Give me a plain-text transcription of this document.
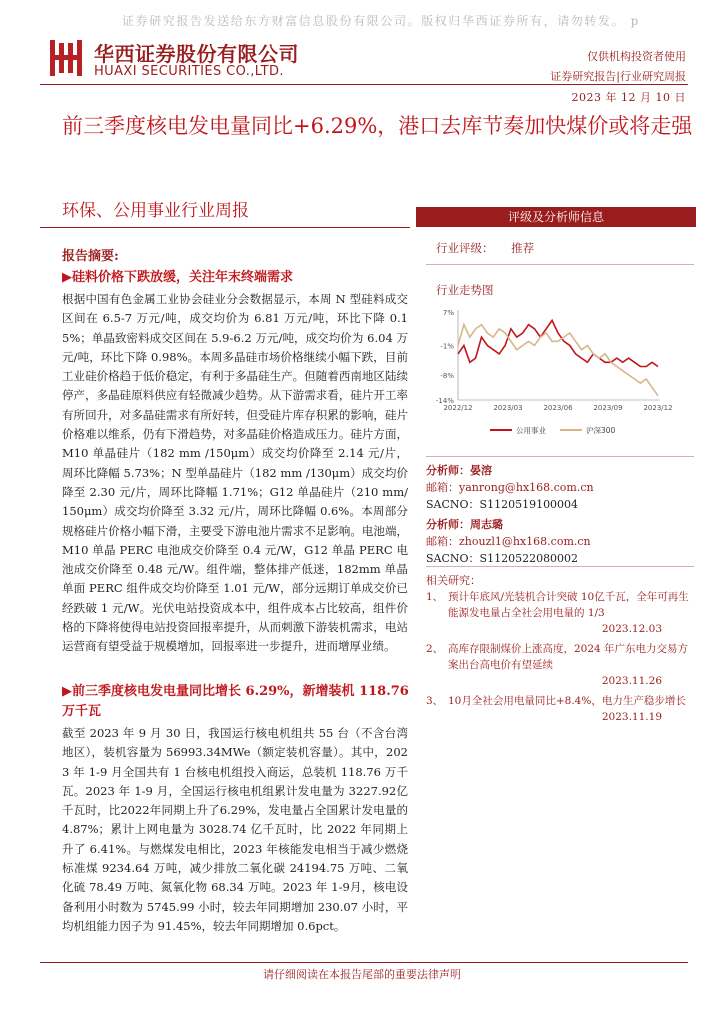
证券研究报告发送给东方财富信息股份有限公司。版权归华西证券所有，请勿转发。 p
华西证券股份有限公司
HUAXI SECURITIES CO.,LTD.
仅供机构投资者使用
证券研究报告|行业研究周报
2023 年 12 月 10 日
前三季度核电发电量同比+6.29%，港口去库节奏加快煤价或将走强
环保、公用事业行业周报
报告摘要:
▶硅料价格下跌放缓，关注年末终端需求
根据中国有色金属工业协会硅业分会数据显示，本周 N 型硅料成交区间在 6.5-7 万元/吨，成交均价为 6.81 万元/吨，环比下降 0.15%；单晶致密料成交区间在 5.9-6.2 万元/吨，成交均价为 6.04 万元/吨，环比下降 0.98%。本周多晶硅市场价格继续小幅下跌，目前工业硅价格趋于低价稳定，有利于多晶硅生产。但随着西南地区陆续停产，多晶硅原料供应有轻微减少趋势。从下游需求看，硅片开工率有所回升，对多晶硅需求有所好转，但受硅片库存积累的影响，硅片价格难以维系，仍有下滑趋势，对多晶硅价格造成压力。硅片方面，M10 单晶硅片（182 mm /150μm）成交均价降至 2.14 元/片，周环比降幅 5.73%；N 型单晶硅片（182 mm /130μm）成交均价降至 2.30 元/片，周环比降幅 1.71%；G12 单晶硅片（210 mm/150μm）成交均价降至 3.32 元/片，周环比降幅 0.6%。本周部分规格硅片价格小幅下滑，主要受下游电池片需求不足影响。电池端，M10 单晶 PERC 电池成交价降至 0.4 元/W，G12 单晶 PERC 电池成交价降至 0.48 元/W。组件端，整体排产低迷，182mm 单晶单面 PERC 组件成交均价降至 1.01 元/W，部分远期订单成交价已经跌破 1 元/W。光伏电站投资成本中，组件成本占比较高，组件价格的下降将使得电站投资回报率提升，从而刺激下游装机需求，电站运营商有望受益于规模增加，回报率进一步提升，进而增厚业绩。
▶前三季度核电发电量同比增长 6.29%，新增装机 118.76 万千瓦
截至 2023 年 9 月 30 日，我国运行核电机组共 55 台（不含台湾地区），装机容量为 56993.34MWe（额定装机容量）。其中，2023 年 1-9 月全国共有 1 台核电机组投入商运，总装机 118.76 万千瓦。2023 年 1-9 月，全国运行核电机组累计发电量为 3227.92亿千瓦时，比2022年同期上升了6.29%，发电量占全国累计发电量的 4.87%；累计上网电量为 3028.74 亿千瓦时，比 2022 年同期上升了 6.41%。与燃煤发电相比，2023 年核能发电相当于减少燃烧标准煤 9234.64 万吨，减少排放二氧化碳 24194.75 万吨、二氧化硫 78.49 万吨、氮氧化物 68.34 万吨。2023 年 1-9月，核电设备利用小时数为 5745.99 小时，较去年同期增加 230.07 小时，平均机组能力因子为 91.45%，较去年同期增加 0.6pct。
评级及分析师信息
行业评级： 推荐
行业走势图
7%
-1%
-8%
-14%
2022/12	2023/03	2023/06	2023/09	2023/12
公用事业	沪深300
分析师：晏溶
邮箱：yanrong@hx168.com.cn
SACNO：S1120519100004
分析师：周志璐
邮箱：zhouzl1@hx168.com.cn
SACNO：S1120522080002
相关研究：
1、 预计年底风/光装机合计突破 10亿千瓦，全年可再生能源发电量占全社会用电量的 1/3
2023.12.03
2、 高库存限制煤价上涨高度，2024 年广东电力交易方案出台高电价有望延续
2023.11.26
3、 10月全社会用电量同比+8.4%，电力生产稳步增长
2023.11.19
请仔细阅读在本报告尾部的重要法律声明
